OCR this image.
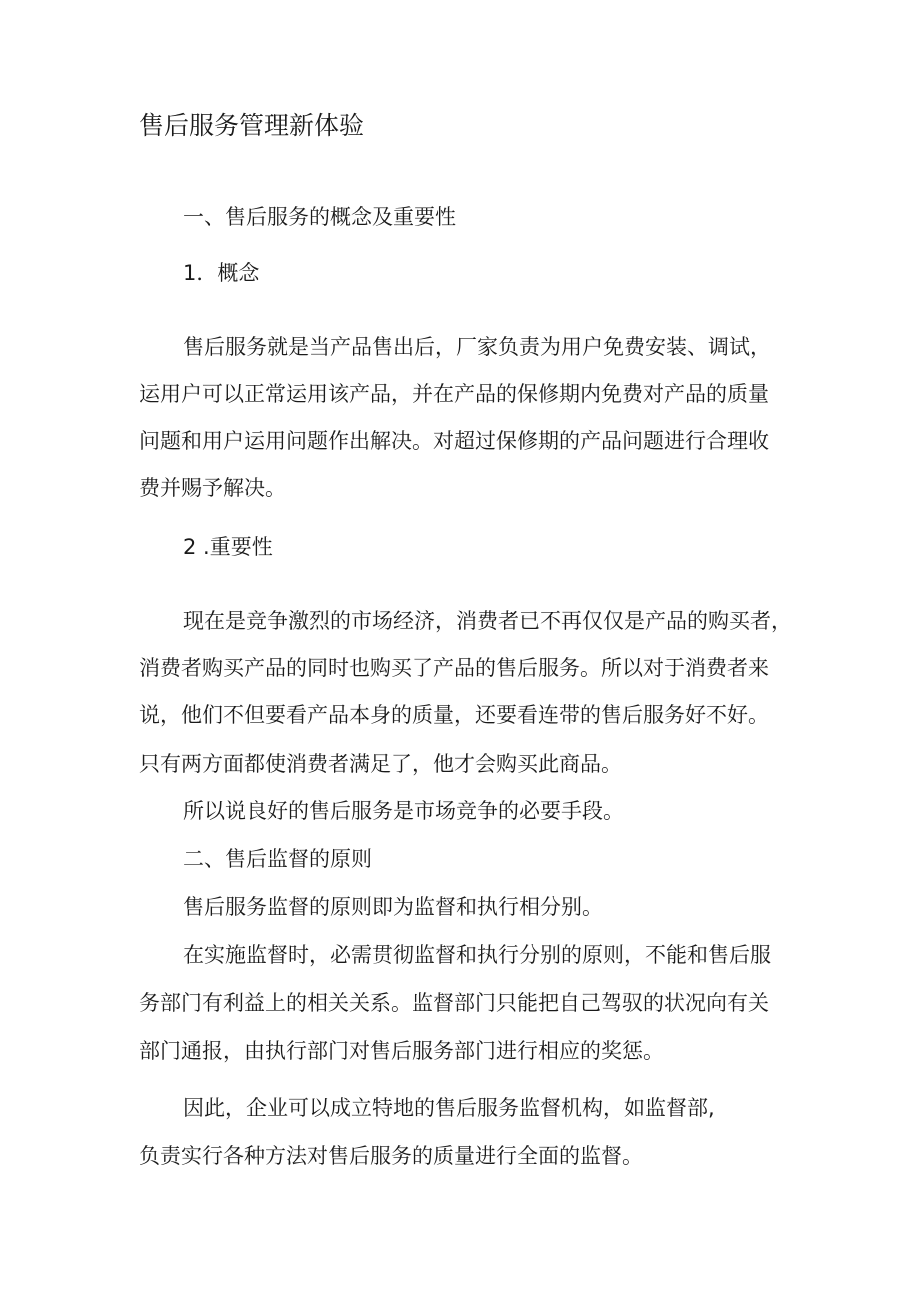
售后服务管理新体验
一、售后服务的概念及重要性
1．概念
售后服务就是当产品售出后，厂家负责为用户免费安装、调试，
运用户可以正常运用该产品，并在产品的保修期内免费对产品的质量
问题和用户运用问题作出解决。对超过保修期的产品问题进行合理收
费并赐予解决。
2 .重要性
现在是竞争激烈的市场经济，消费者已不再仅仅是产品的购买者，
消费者购买产品的同时也购买了产品的售后服务。所以对于消费者来
说，他们不但要看产品本身的质量，还要看连带的售后服务好不好。
只有两方面都使消费者满足了，他才会购买此商品。
所以说良好的售后服务是市场竞争的必要手段。
二、售后监督的原则
售后服务监督的原则即为监督和执行相分别。
在实施监督时，必需贯彻监督和执行分别的原则，不能和售后服
务部门有利益上的相关关系。监督部门只能把自己驾驭的状况向有关
部门通报，由执行部门对售后服务部门进行相应的奖惩。
因此，企业可以成立特地的售后服务监督机构，如监督部,
负责实行各种方法对售后服务的质量进行全面的监督。
